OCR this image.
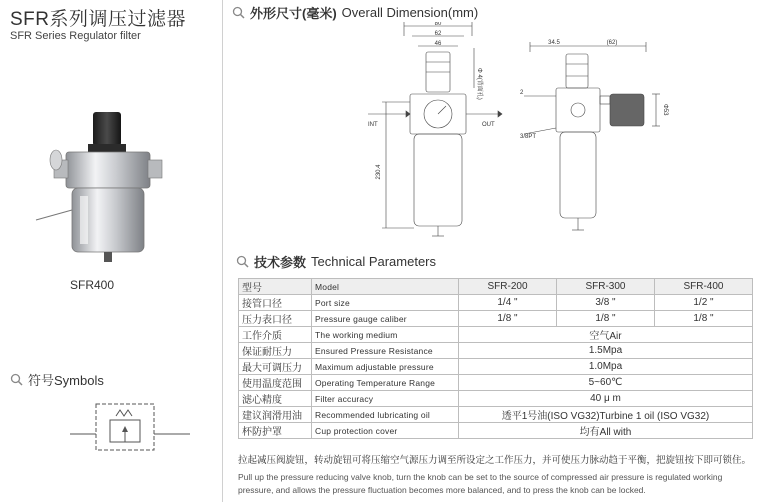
SFR系列调压过滤器
SFR Series Regulator filter
SFR400
符号Symbols
外形尺寸(毫米) Overall Dimension(mm)
80
62
46
Φ 4(背面孔)
230.4
INT	OUT
34.5	(62)
2
3/8PT
Φ53
技术参数 Technical Parameters
型号	Model	SFR-200	SFR-300	SFR-400
接管口径	Port size	1/4 "	3/8 "	1/2 "
压力表口径	Pressure gauge caliber	1/8 "	1/8 "	1/8 "
工作介质	The working medium	空气Air		
保证耐压力	Ensured Pressure Resistance	1.5Mpa		
最大可调压力	Maximum adjustable pressure	1.0Mpa		
使用温度范围	Operating Temperature Range	5~60℃		
滤心精度	Filter accuracy	40 μ m		
建议润滑用油	Recommended lubricating oil	透平1号油(ISO VG32)Turbine 1 oil (ISO VG32)		
杯防护罩	Cup protection cover	均有All with		
拉起减压阀旋钮，转动旋钮可将压缩空气源压力调至所设定之工作压力，并可使压力脉动趋于平衡，把旋钮按下即可锁住。
Pull up the pressure reducing valve knob, turn the knob can be set to the source of compressed air pressure is regulated working pressure, and allows the pressure fluctuation becomes more balanced, and to press the knob can be locked.
